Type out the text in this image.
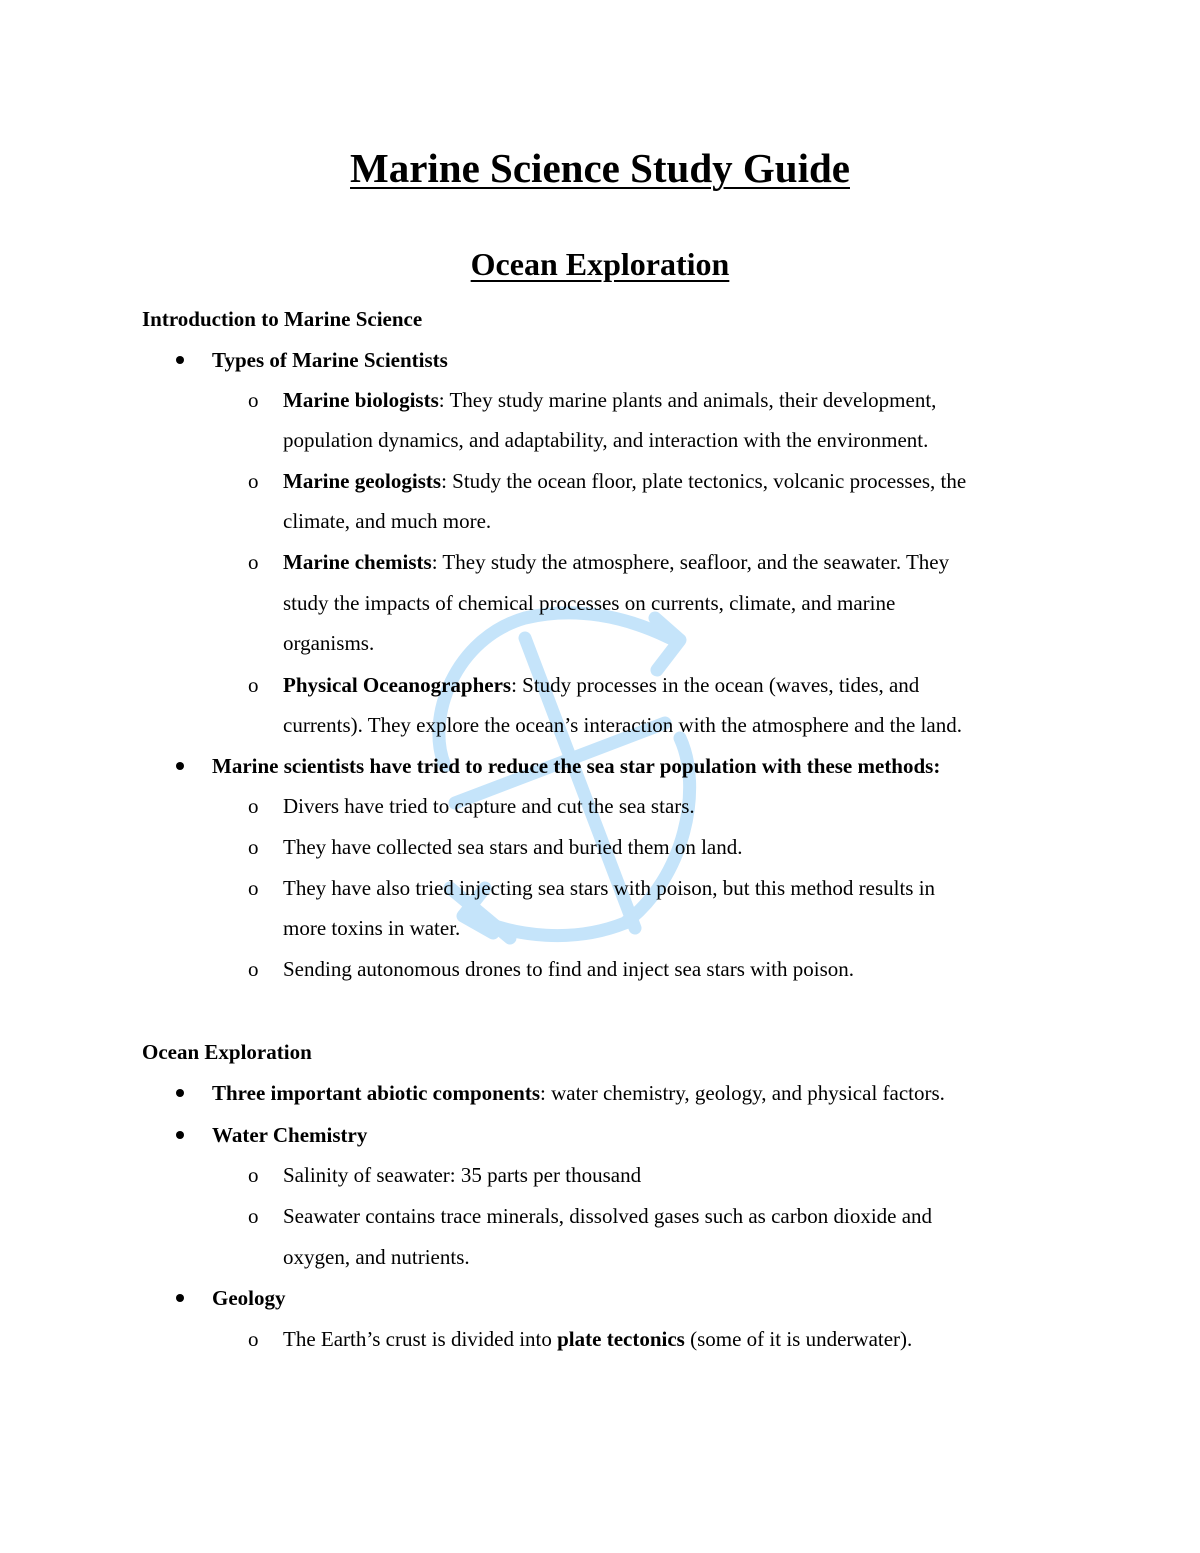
Marine Science Study Guide
Ocean Exploration
Introduction to Marine Science
Types of Marine Scientists
o Marine biologists: They study marine plants and animals, their development,
population dynamics, and adaptability, and interaction with the environment.
o Marine geologists: Study the ocean floor, plate tectonics, volcanic processes, the
climate, and much more.
o Marine chemists: They study the atmosphere, seafloor, and the seawater. They
study the impacts of chemical processes on currents, climate, and marine
organisms.
o Physical Oceanographers: Study processes in the ocean (waves, tides, and
currents). They explore the ocean’s interaction with the atmosphere and the land.
Marine scientists have tried to reduce the sea star population with these methods:
o Divers have tried to capture and cut the sea stars.
o They have collected sea stars and buried them on land.
o They have also tried injecting sea stars with poison, but this method results in
more toxins in water.
o Sending autonomous drones to find and inject sea stars with poison.
Ocean Exploration
Three important abiotic components: water chemistry, geology, and physical factors.
Water Chemistry
o Salinity of seawater: 35 parts per thousand
o Seawater contains trace minerals, dissolved gases such as carbon dioxide and
oxygen, and nutrients.
Geology
o The Earth’s crust is divided into plate tectonics (some of it is underwater).
